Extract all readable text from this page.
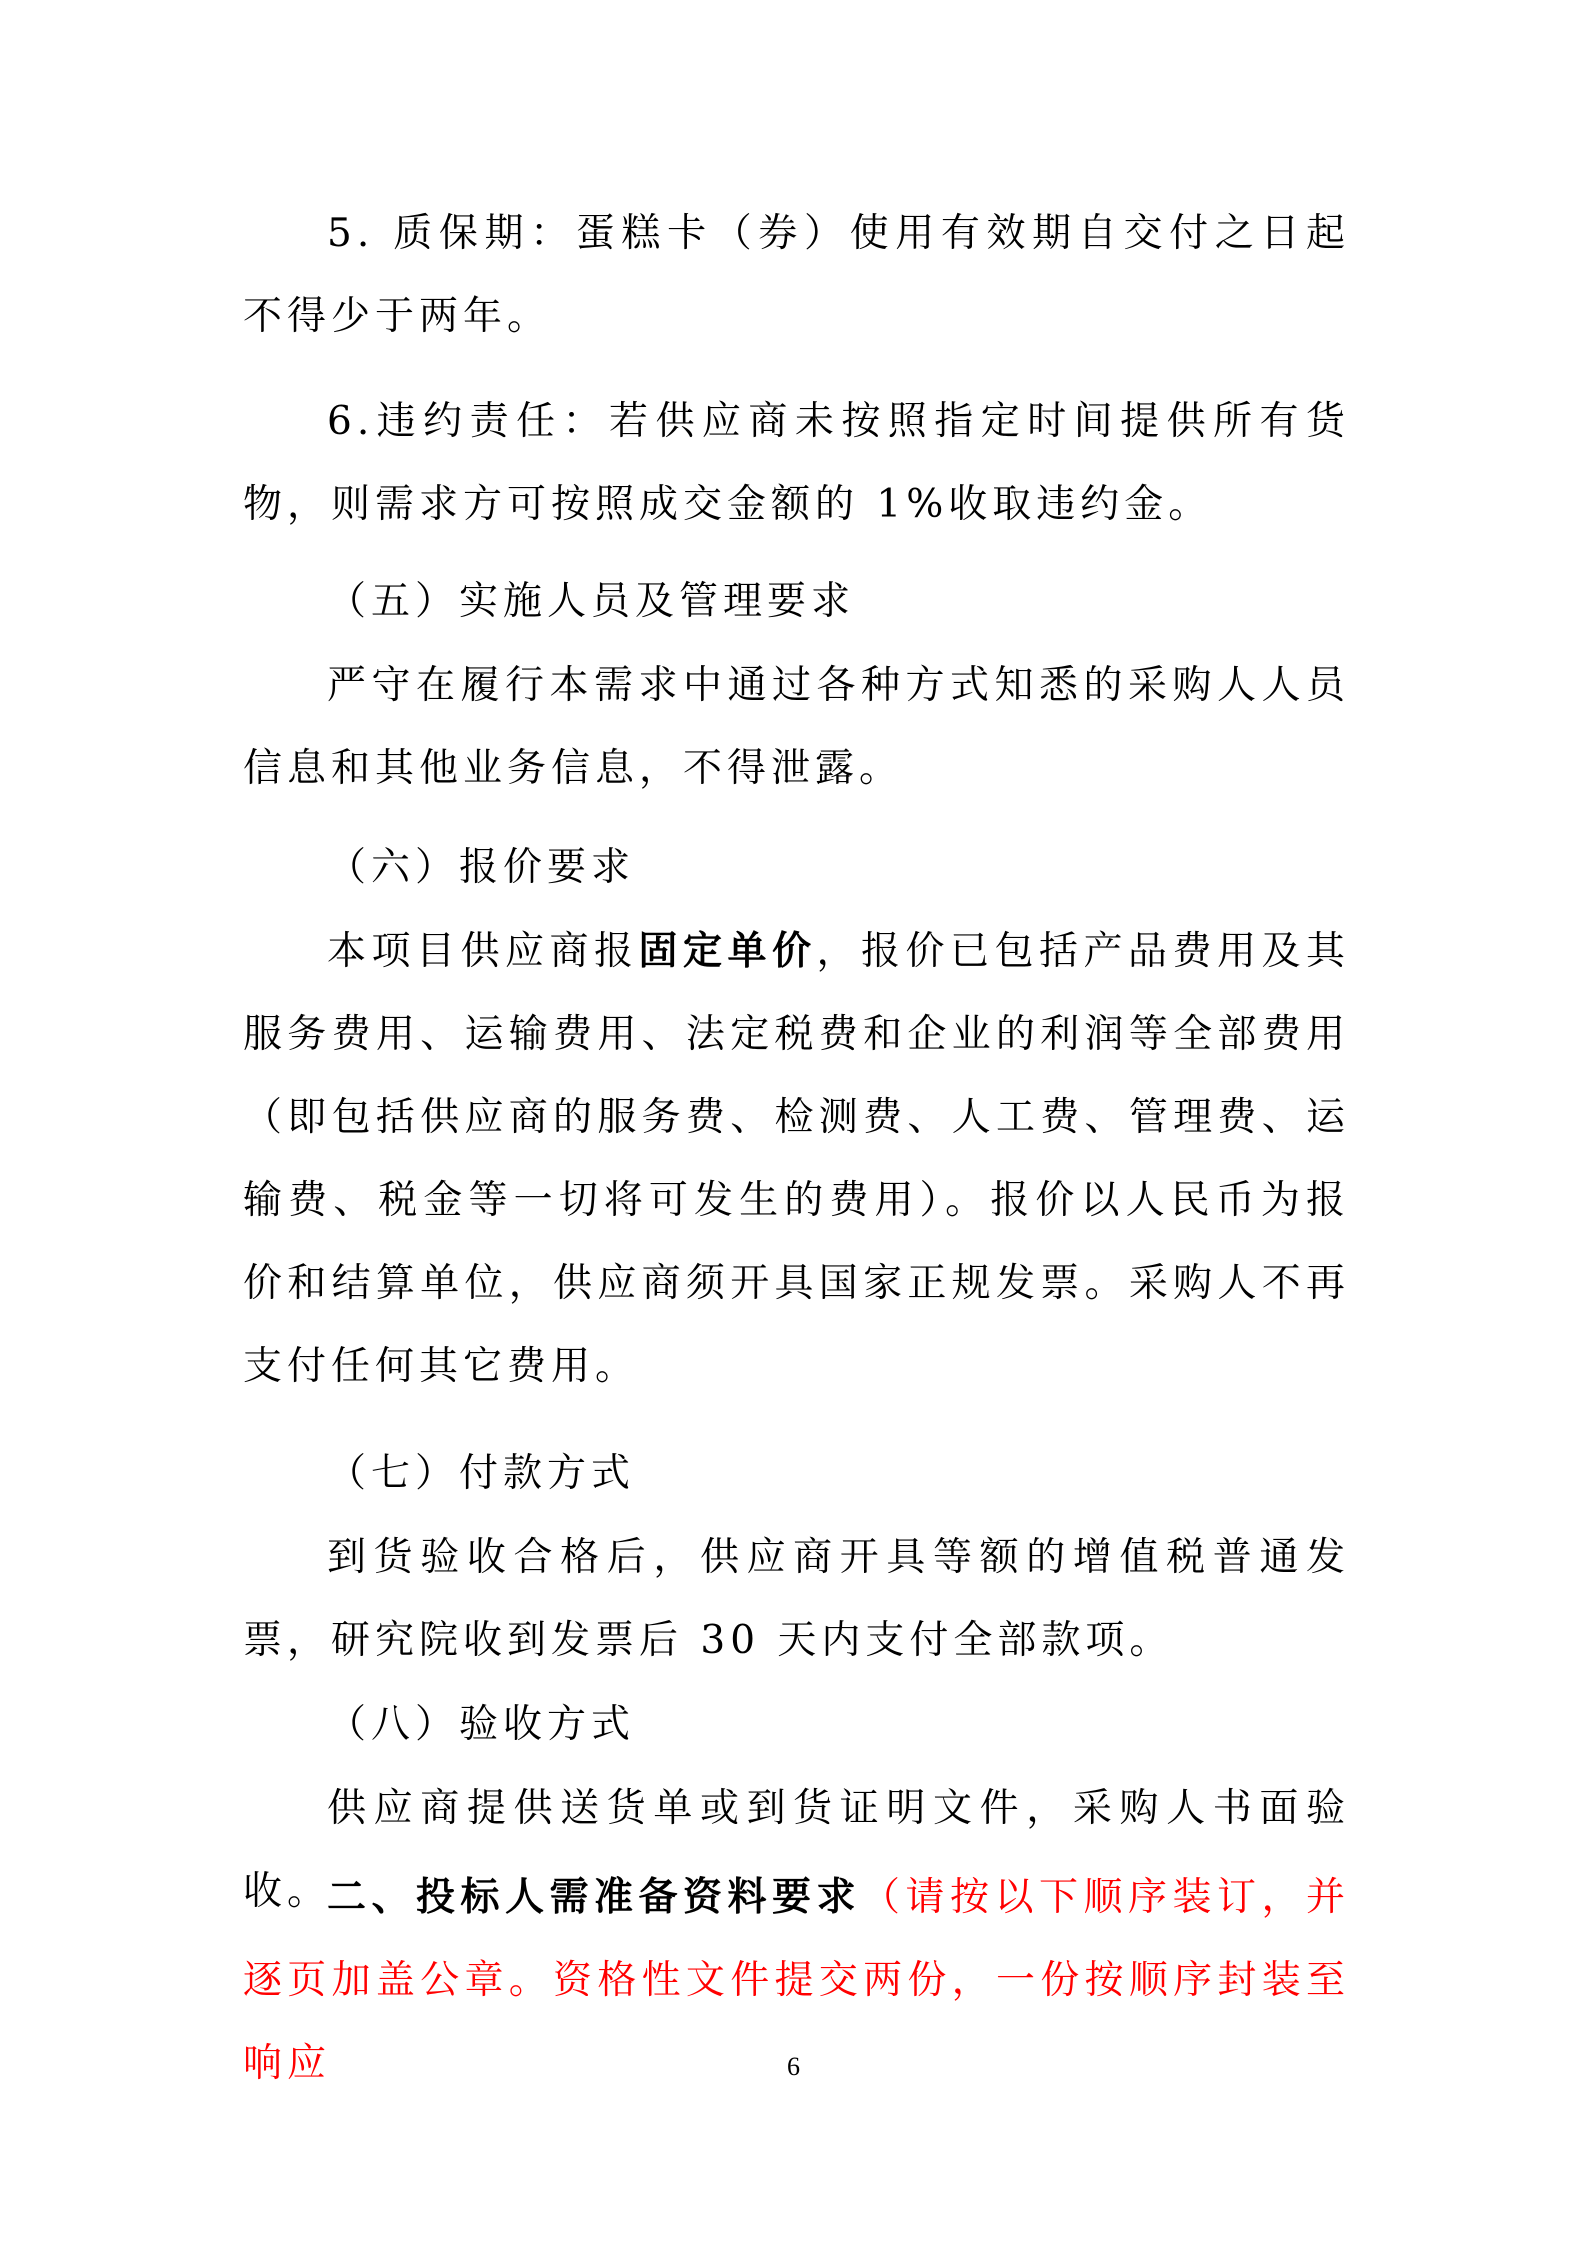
5. 质保期：蛋糕卡（券）使用有效期自交付之日起不得少于两年。

6.违约责任：若供应商未按照指定时间提供所有货物，则需求方可按照成交金额的 1%收取违约金。

（五）实施人员及管理要求

严守在履行本需求中通过各种方式知悉的采购人人员信息和其他业务信息，不得泄露。

（六）报价要求

本项目供应商报固定单价，报价已包括产品费用及其服务费用、运输费用、法定税费和企业的利润等全部费用（即包括供应商的服务费、检测费、人工费、管理费、运输费、税金等一切将可发生的费用）。报价以人民币为报价和结算单位，供应商须开具国家正规发票。采购人不再支付任何其它费用。

（七）付款方式

到货验收合格后，供应商开具等额的增值税普通发票，研究院收到发票后 30 天内支付全部款项。

（八）验收方式

供应商提供送货单或到货证明文件，采购人书面验收。

二、投标人需准备资料要求（请按以下顺序装订，并逐页加盖公章。资格性文件提交两份，一份按顺序封装至响应	6
